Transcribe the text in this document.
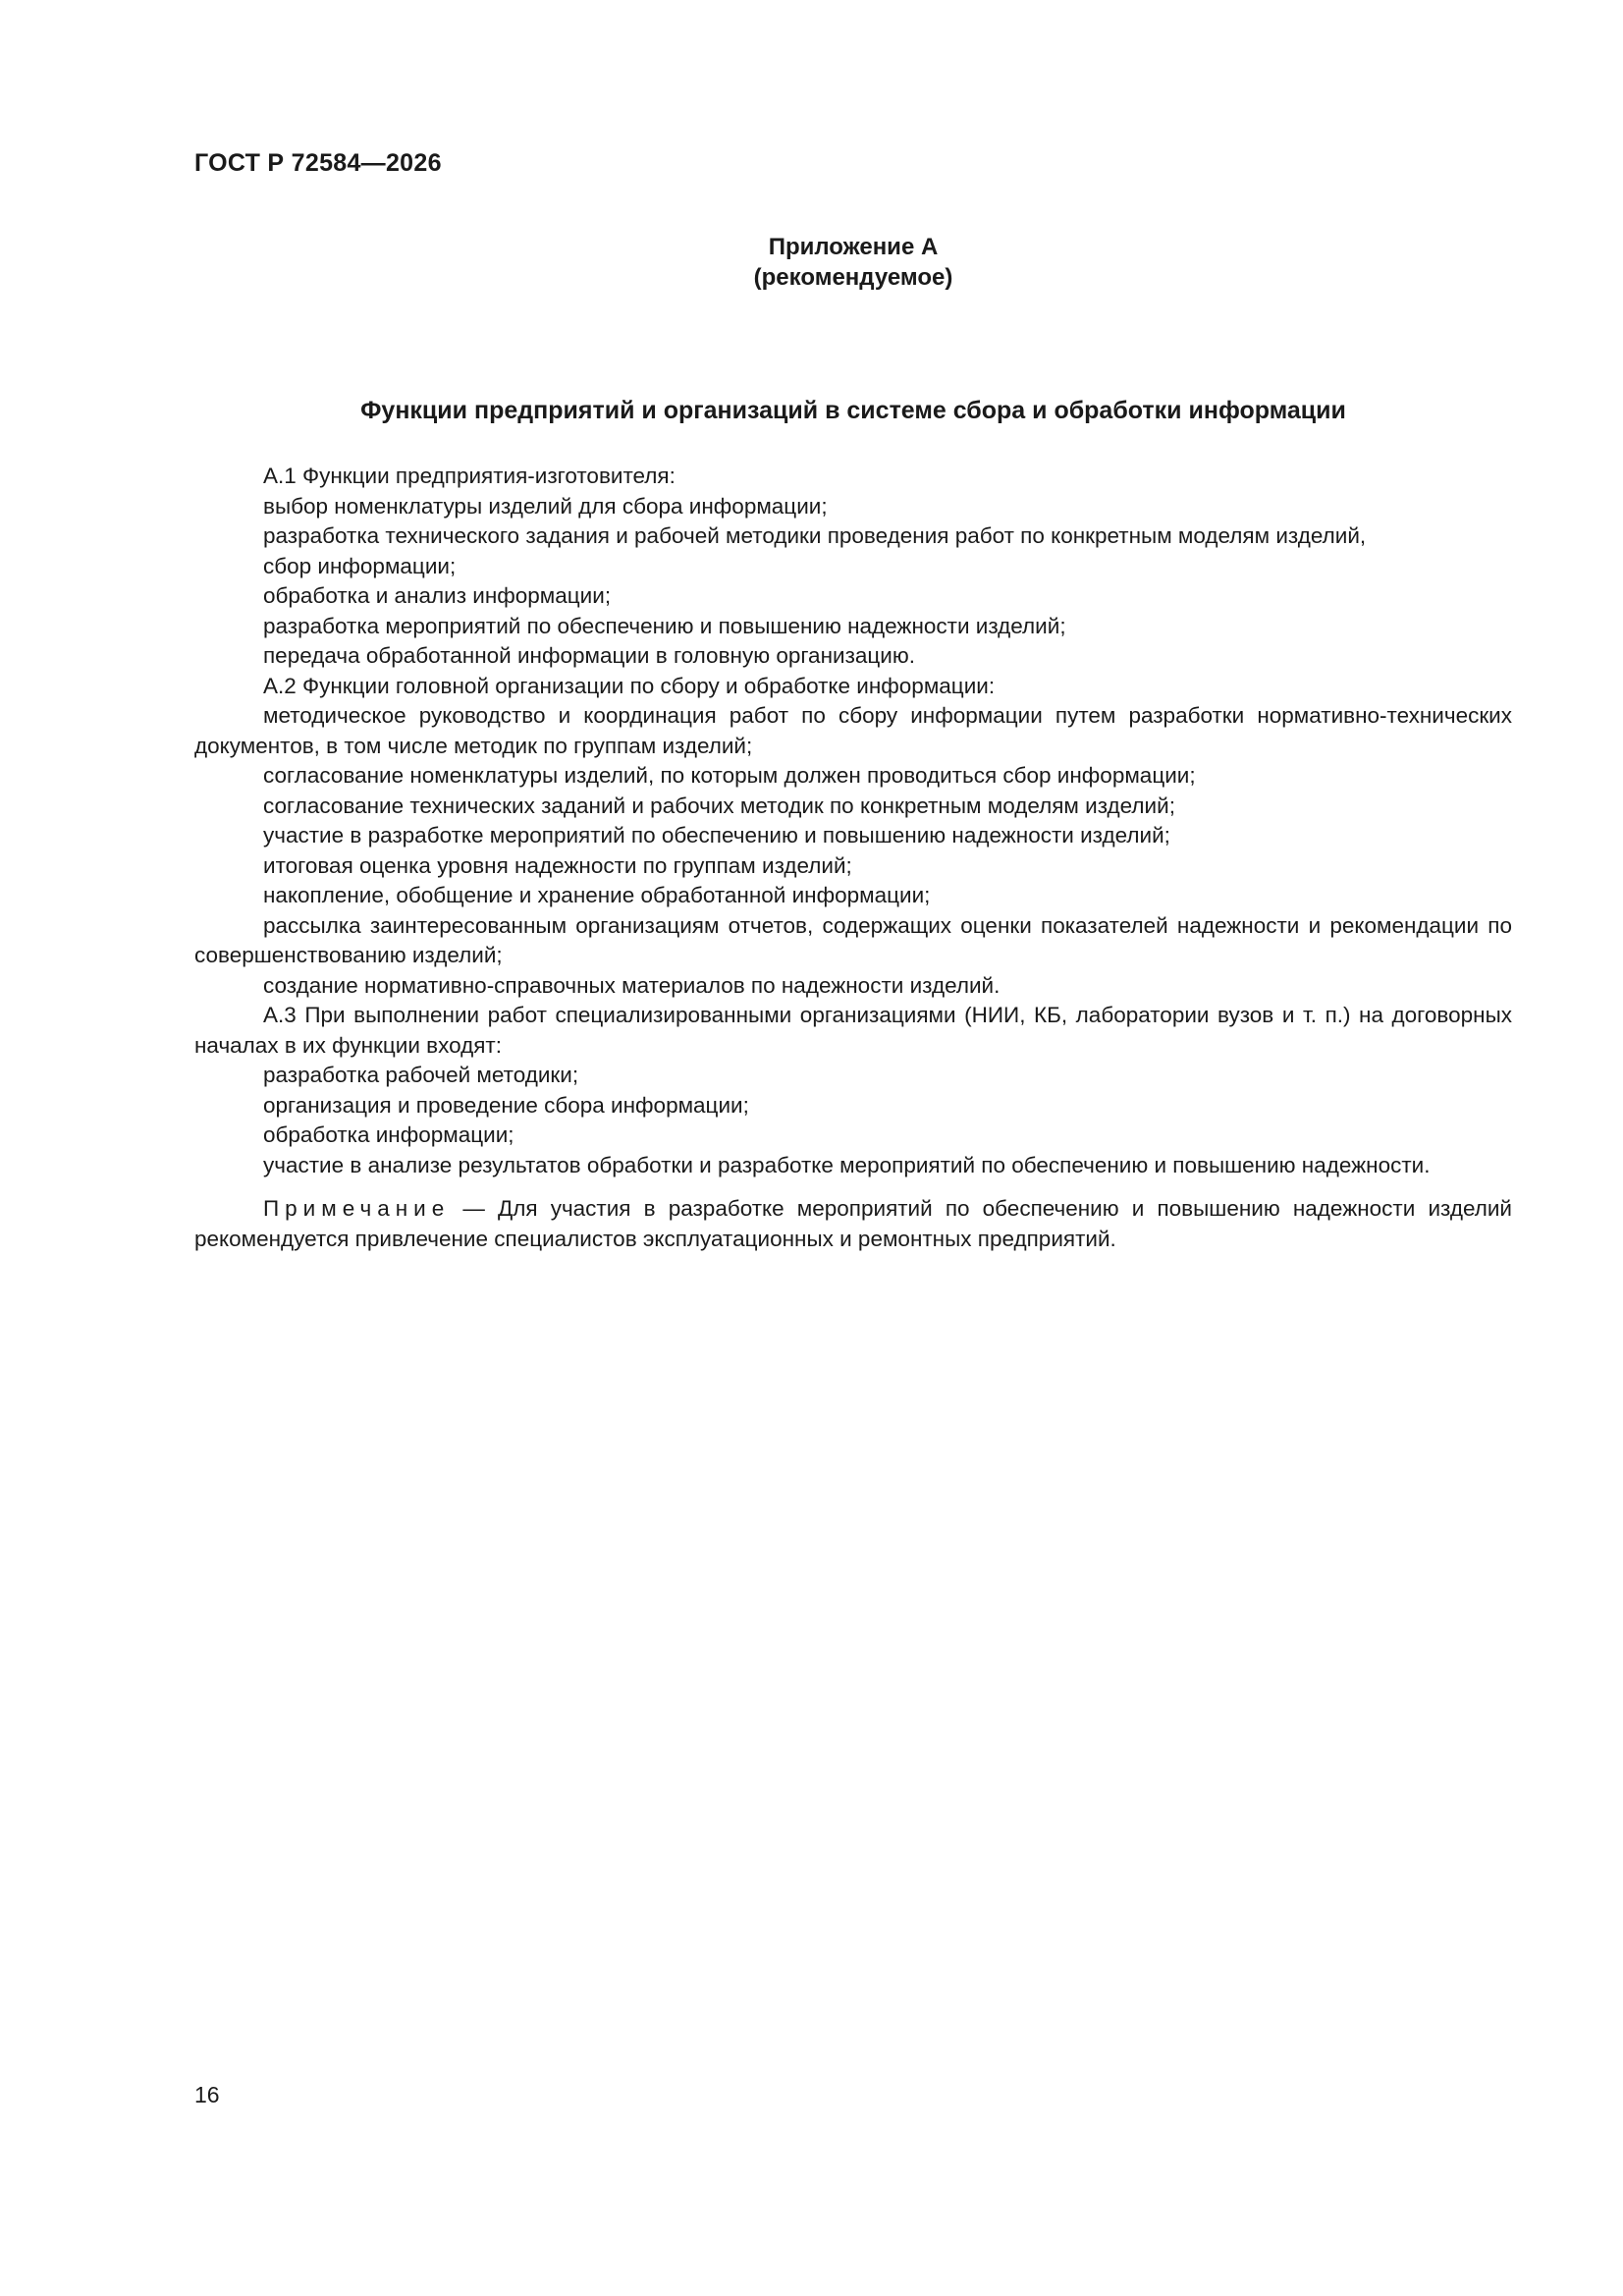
ГОСТ Р 72584—2026
Приложение А
(рекомендуемое)
Функции предприятий и организаций в системе сбора и обработки информации

А.1 Функции предприятия-изготовителя:

выбор номенклатуры изделий для сбора информации;

разработка технического задания и рабочей методики проведения работ по конкретным моделям изделий,

сбор информации;

обработка и анализ информации;

разработка мероприятий по обеспечению и повышению надежности изделий;

передача обработанной информации в головную организацию.

А.2 Функции головной организации по сбору и обработке информации:

методическое руководство и координация работ по сбору информации путем разработки нормативно-технических документов, в том числе методик по группам изделий;

согласование номенклатуры изделий, по которым должен проводиться сбор информации;

согласование технических заданий и рабочих методик по конкретным моделям изделий;

участие в разработке мероприятий по обеспечению и повышению надежности изделий;

итоговая оценка уровня надежности по группам изделий;

накопление, обобщение и хранение обработанной информации;

рассылка заинтересованным организациям отчетов, содержащих оценки показателей надежности и рекомендации по совершенствованию изделий;

создание нормативно-справочных материалов по надежности изделий.

А.3 При выполнении работ специализированными организациями (НИИ, КБ, лаборатории вузов и т. п.) на договорных началах в их функции входят:

разработка рабочей методики;

организация и проведение сбора информации;

обработка информации;

участие в анализе результатов обработки и разработке мероприятий по обеспечению и повышению надежности.

Примечание — Для участия в разработке мероприятий по обеспечению и повышению надежности изделий рекомендуется привлечение специалистов эксплуатационных и ремонтных предприятий.

16
